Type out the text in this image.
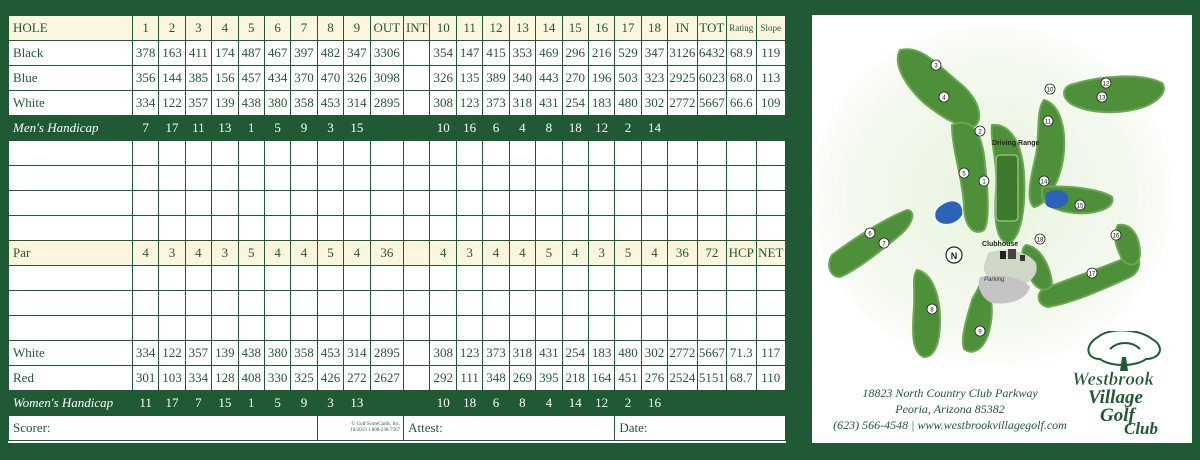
HOLE	1	2	3	4	5	6	7	8	9	OUT	INT	10	11	12	13	14	15	16	17	18	IN	TOT	Rating	Slope
Black	378	163	411	174	487	467	397	482	347	3306		354	147	415	353	469	296	216	529	347	3126	6432	68.9	119
Blue	356	144	385	156	457	434	370	470	326	3098		326	135	389	340	443	270	196	503	323	2925	6023	68.0	113
White	334	122	357	139	438	380	358	453	314	2895		308	123	373	318	431	254	183	480	302	2772	5667	66.6	109
Men's Handicap	7	17	11	13	1	5	9	3	15			10	16	6	4	8	18	12	2	14				

Par	4	3	4	3	5	4	4	5	4	36		4	3	4	4	5	4	3	5	4	36	72	HCP	NET

White	334	122	357	139	438	380	358	453	314	2895		308	123	373	318	431	254	183	480	302	2772	5667	71.3	117
Red	301	103	334	128	408	330	325	426	272	2627		292	111	348	269	395	218	164	451	276	2524	5151	68.7	110
Women's Handicap	11	17	7	15	1	5	9	3	13			10	18	6	8	4	14	12	2	16				
Scorer:								© Golf ScoreCards, Inc.
10/2013 1 800-238-7267			Attest:								Date:					
N
Driving Range
Clubhouse
Parking
1
2
3
4
5
6
7
8
9
10
11
12
13
14
15
16
17
18
18823 North Country Club Parkway
Peoria, Arizona 85382
(623) 566-4548 | www.westbrookvillagegolf.com
Westbrook
Village
Golf
Club
